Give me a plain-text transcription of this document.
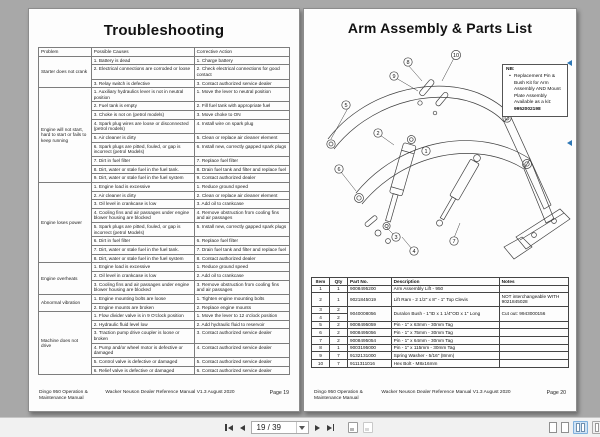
Troubleshooting
Problem	Possible Causes	Corrective Action
Starter does not crank	1. Battery is dead	1. Charge battery
	2. Electrical connections are corroded or loose	2. Check electrical connections for good contact
	3. Relay switch is defective	3. Contact authorized service dealer
Engine will not start, hard to start or fails to keep running	1. Auxiliary hydraulics lever is not in neutral position	1. Move the lever to neutral position
	2. Fuel tank is empty	2. Fill fuel tank with appropriate fuel
	3. Choke is not on (petrol models)	3. Move choke to ON
	4. Spark plug wires are loose or disconnected (petrol models)	4. Install wire on spark plug
	5. Air cleaner is dirty	5. Clean or replace air cleaner element
	6. Spark plugs are pitted, fouled, or gap is incorrect (petrol Models)	6. Install new, correctly gapped spark plugs
	7. Dirt in fuel filter	7. Replace fuel filter
	8. Dirt, water or stale fuel in the fuel tank.	8. Drain fuel tank and filter and replace fuel
	9. Dirt, water or stale fuel in the fuel system	9. Contact authorized dealer
Engine loses power	1. Engine load is excessive	1. Reduce ground speed
	2. Air cleaner is dirty	2. Clean or replace air cleaner element
	3. Oil level in crankcase is low	3. Add oil to crankcase
	4. Cooling fins and air passages under engine blower housing are blocked	4. Remove obstruction from cooling fins and air passages
	5. Spark plugs are pitted, fouled, or gap is incorrect (petrol Models)	5. Install new, correctly gapped spark plugs
	6. Dirt in fuel filter	6. Replace fuel filter
	7. Dirt, water or stale fuel in the fuel tank.	7. Drain fuel tank and filter and replace fuel
	8. Dirt, water or stale fuel in the fuel system	8. Contact authorized dealer
Engine overheats	1. Engine load is excessive	1. Reduce ground speed
	2. Oil level in crankcase is low	2. Add oil to crankcase
	3. Cooling fins and air passages under engine blower housing are blocked	3. Remove obstruction from cooling fins and air passages
Abnormal vibration	1. Engine mounting bolts are loose	1. Tighten engine mounting bolts
	2. Engine mounts are broken	2. Replace engine mounts
Machine does not drive	1. Flow divider valve is in 9 O'clock position	1. Move the lever to 12 o'clock position
	2. Hydraulic fluid level low	2. Add hydraulic fluid to reservoir
	3. Traction pump drive coupler is loose or broken	3. Contact authorized service dealer
	4. Pump and/or wheel motor is defective or damaged	4. Contact authorized service dealer
	5. Control valve is defective or damaged	5. Contact authorized service dealer
	6. Relief valve is defective or damaged	6. Contact authorized service dealer
Dingo 950 Operation & Maintenance Manual
Wacker Neuson Dealer Reference Manual V1.3 August 2020	Page 19
Arm Assembly & Parts List
1
2
3
4
5
6
7
8
9
10
NB:
• Replacement Pin & Bush Kit for Arm Assembly AND Mount Plate Assembly
Available as a kit:
9952002198
Item	Qty	Part No.	Description	Notes
1	1	9008495200	Arm Assembly Lift - 950	
2	1	9021845019	Lift Ram - 2 1/2" x 8" - 1" Top Clevis	NOT interchangeable WITH 9021845028
3	2	9040008056	Duralon Bush - 1"ID x 1 1/4"OD x 1" Long	Cut out: 9943000156
4	2			
5	2	9008495059	Pin - 1" x 63mm - 30mm Tag	
6	2	9008495056	Pin - 1" x 75mm - 30mm Tag	
7	2	9008495054	Pin - 1" x 64mm - 30mm Tag	
8	1	9003195000	Pin - 1" x 115mm - 30mm Tag	
9	7	9132131000	Spring Washer - 5/16" (8mm)	
10	7	9111311016	Hex Bolt - M8x16mm	
Dingo 950 Operation & Maintenance Manual
Wacker Neuson Dealer Reference Manual V1.3 August 2020	Page 20
19 / 39
